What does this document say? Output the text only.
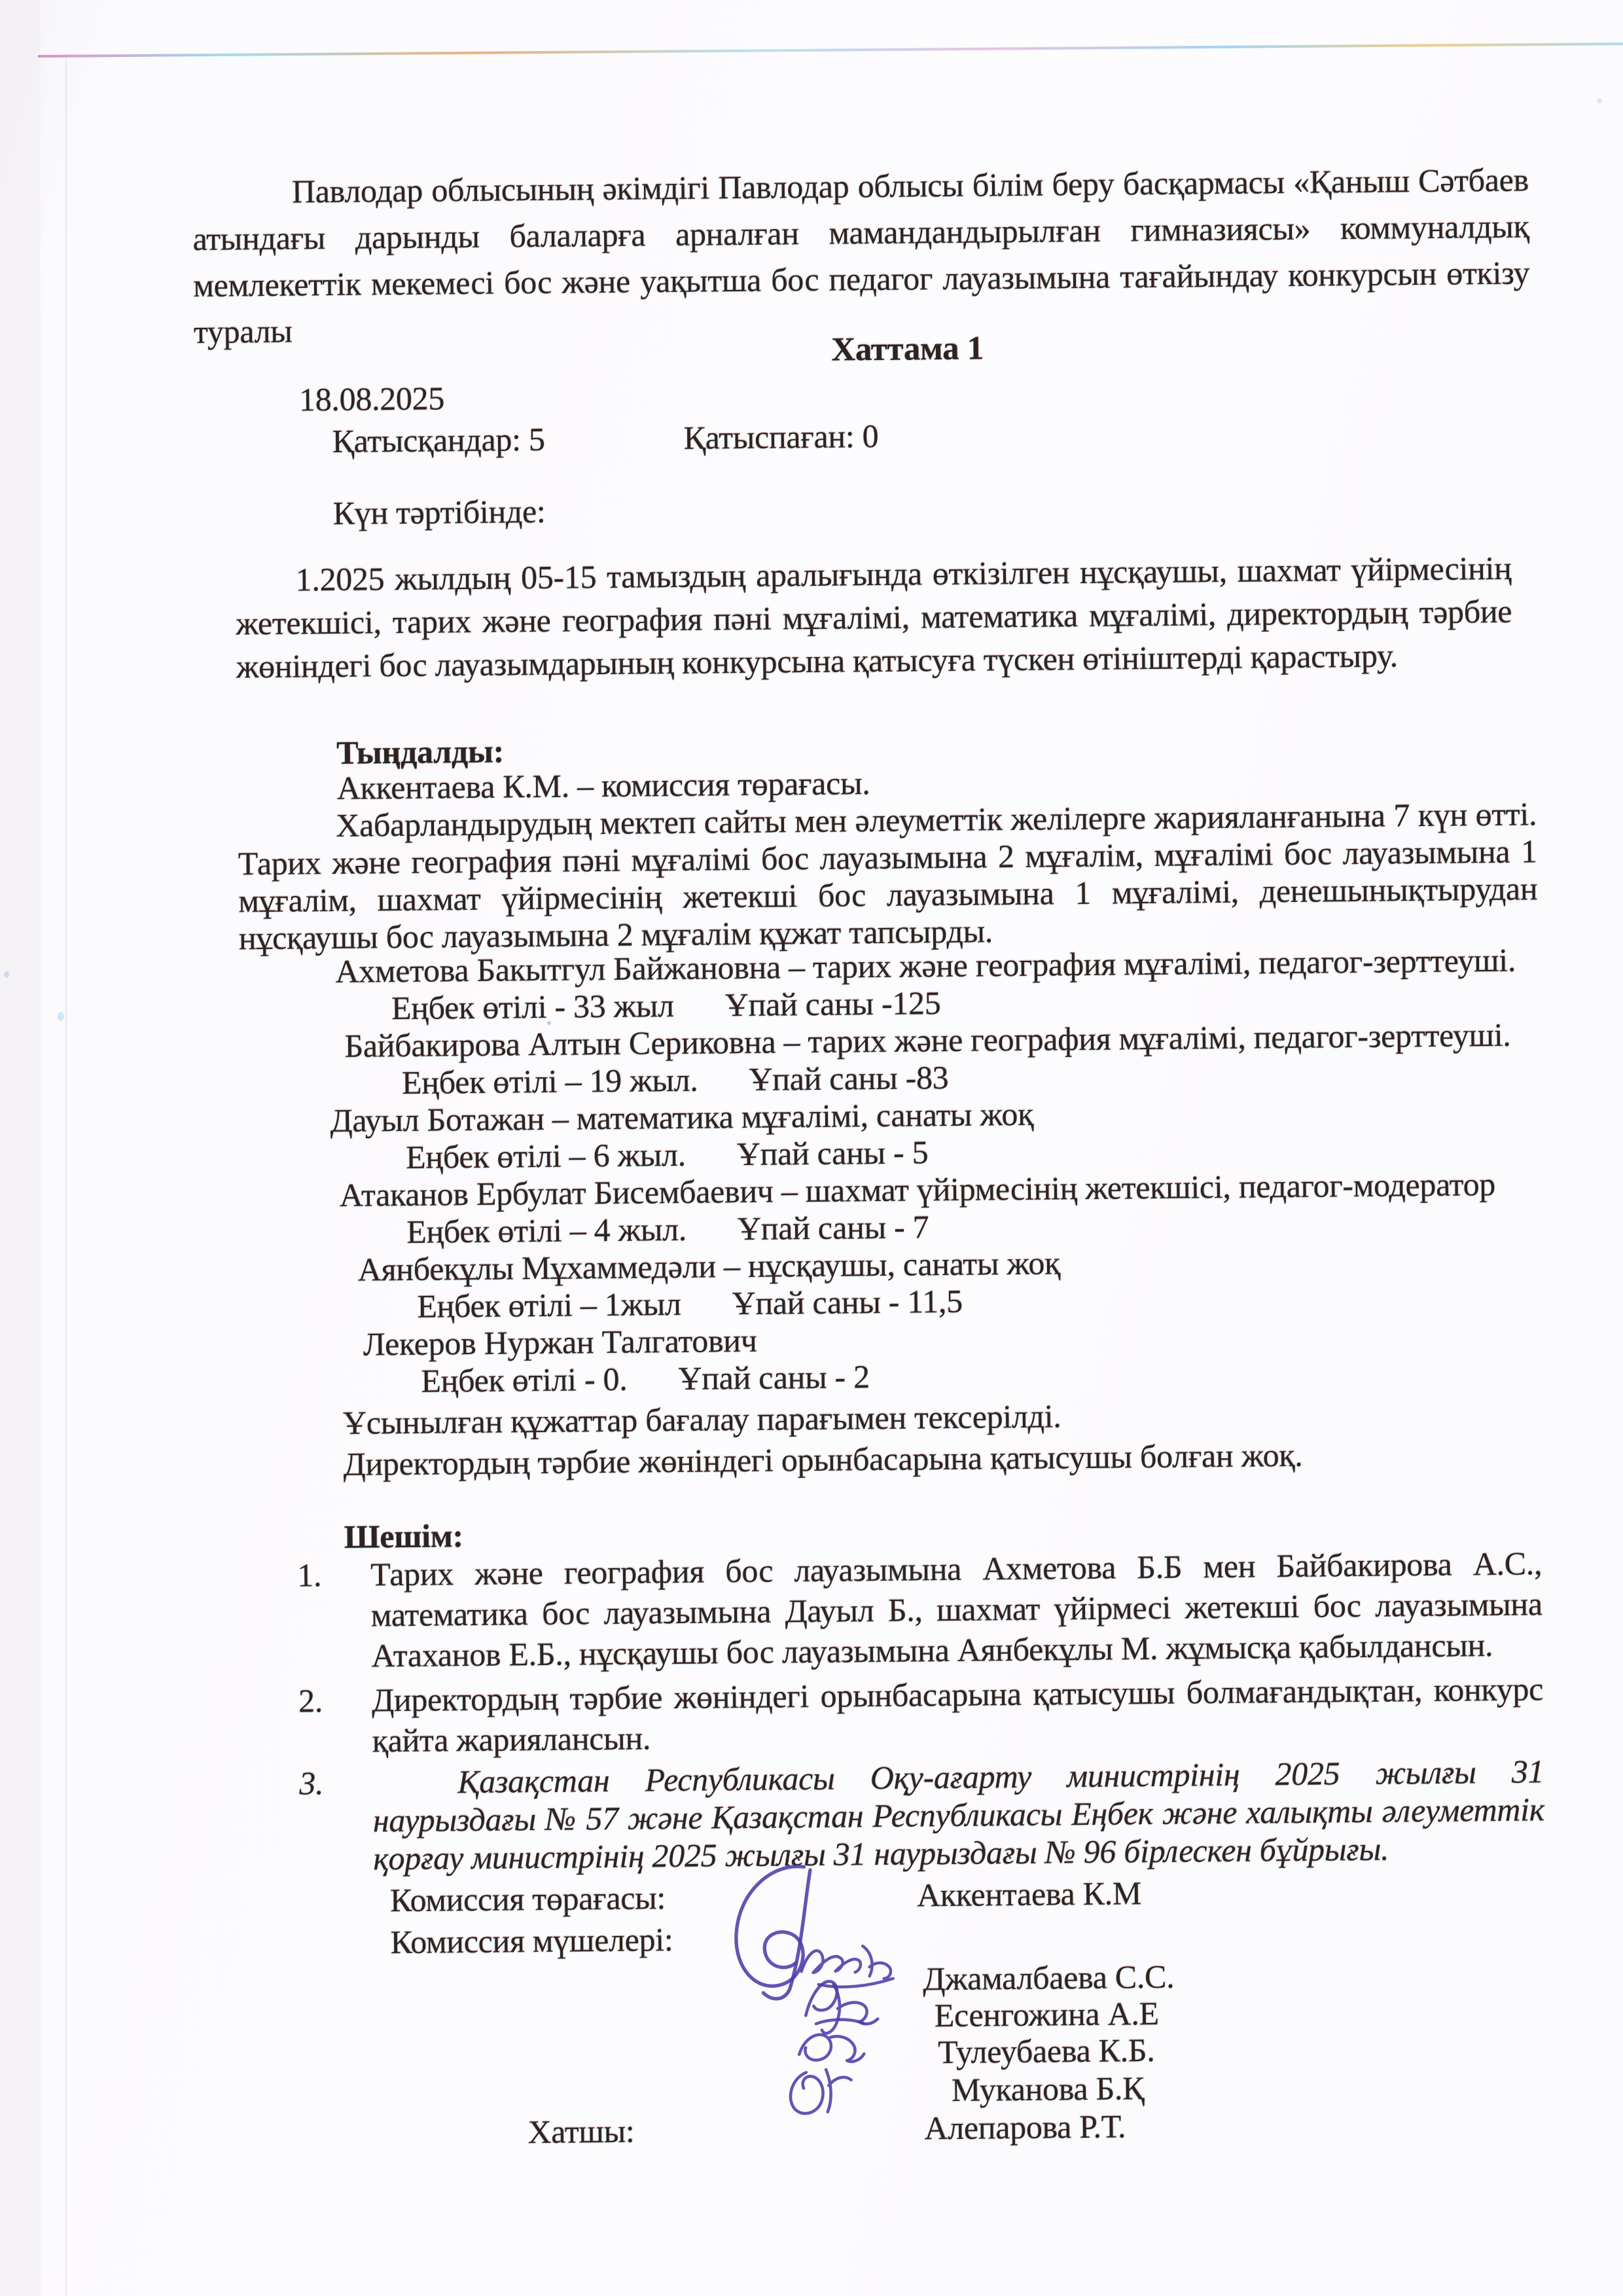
Павлодар облысының әкімдігі Павлодар облысы білім беру басқармасы «Қаныш Сәтбаев атындағы дарынды балаларға арналған мамандандырылған гимназиясы» коммуналдық мемлекеттік мекемесі бос және уақытша бос педагог лауазымына тағайындау конкурсын өткізу туралы	Хаттама 1
18.08.2025
Қатысқандар: 5	Қатыспаған: 0
Күн тәртібінде:

1.2025 жылдың 05-15 тамыздың аралығында өткізілген нұсқаушы, шахмат үйірмесінің жетекшісі, тарих және география пәні мұғалімі, математика мұғалімі, директордың тәрбие жөніндегі бос лауазымдарының конкурсына қатысуға түскен өтініштерді қарастыру.

Тыңдалды:
Аккентаева К.М. – комиссия төрағасы.

Хабарландырудың мектеп сайты мен әлеуметтік желілерге жарияланғанына 7 күн өтті. Тарих және география пәні мұғалімі бос лауазымына 2 мұғалім, мұғалімі бос лауазымына 1 мұғалім, шахмат үйірмесінің жетекші бос лауазымына 1 мұғалімі, денешынықтырудан нұсқаушы бос лауазымына 2 мұғалім құжат тапсырды.

Ахметова Бакытгул Байжановна – тарих және география мұғалімі, педагог-зерттеуші.
Еңбек өтілі - 33 жыл Ұпай саны -125
Байбакирова Алтын Сериковна – тарих және география мұғалімі, педагог-зерттеуші.
Еңбек өтілі – 19 жыл. Ұпай саны -83
Дауыл Ботажан – математика мұғалімі, санаты жоқ
Еңбек өтілі – 6 жыл. Ұпай саны - 5
Атаканов Ербулат Бисембаевич – шахмат үйірмесінің жетекшісі, педагог-модератор
Еңбек өтілі – 4 жыл. Ұпай саны - 7
Аянбекұлы Мұхаммедәли – нұсқаушы, санаты жоқ
Еңбек өтілі – 1жыл Ұпай саны - 11,5
Лекеров Нуржан Талгатович
Еңбек өтілі - 0. Ұпай саны - 2
Ұсынылған құжаттар бағалау парағымен тексерілді.
Директордың тәрбие жөніндегі орынбасарына қатысушы болған жоқ.
Шешім:
1.	Тарих және география бос лауазымына Ахметова Б.Б мен Байбакирова А.С., математика бос лауазымына Дауыл Б., шахмат үйірмесі жетекші бос лауазымына Атаханов Е.Б., нұсқаушы бос лауазымына Аянбекұлы М. жұмысқа қабылдансын.

2.	Директордың тәрбие жөніндегі орынбасарына қатысушы болмағандықтан, конкурс қайта жариялансын.

3.	Қазақстан Республикасы Оқу-ағарту министрінің 2025 жылғы 31 наурыздағы № 57 және Қазақстан Республикасы Еңбек және халықты әлеуметтік қорғау министрінің 2025 жылғы 31 наурыздағы № 96 бірлескен бұйрығы.

Комиссия төрағасы:	Аккентаева К.М
Комиссия мүшелері:
Джамалбаева С.С.
Есенгожина А.Е
Тулеубаева К.Б.
Муканова Б.Қ
Хатшы:	Алепарова Р.Т.
